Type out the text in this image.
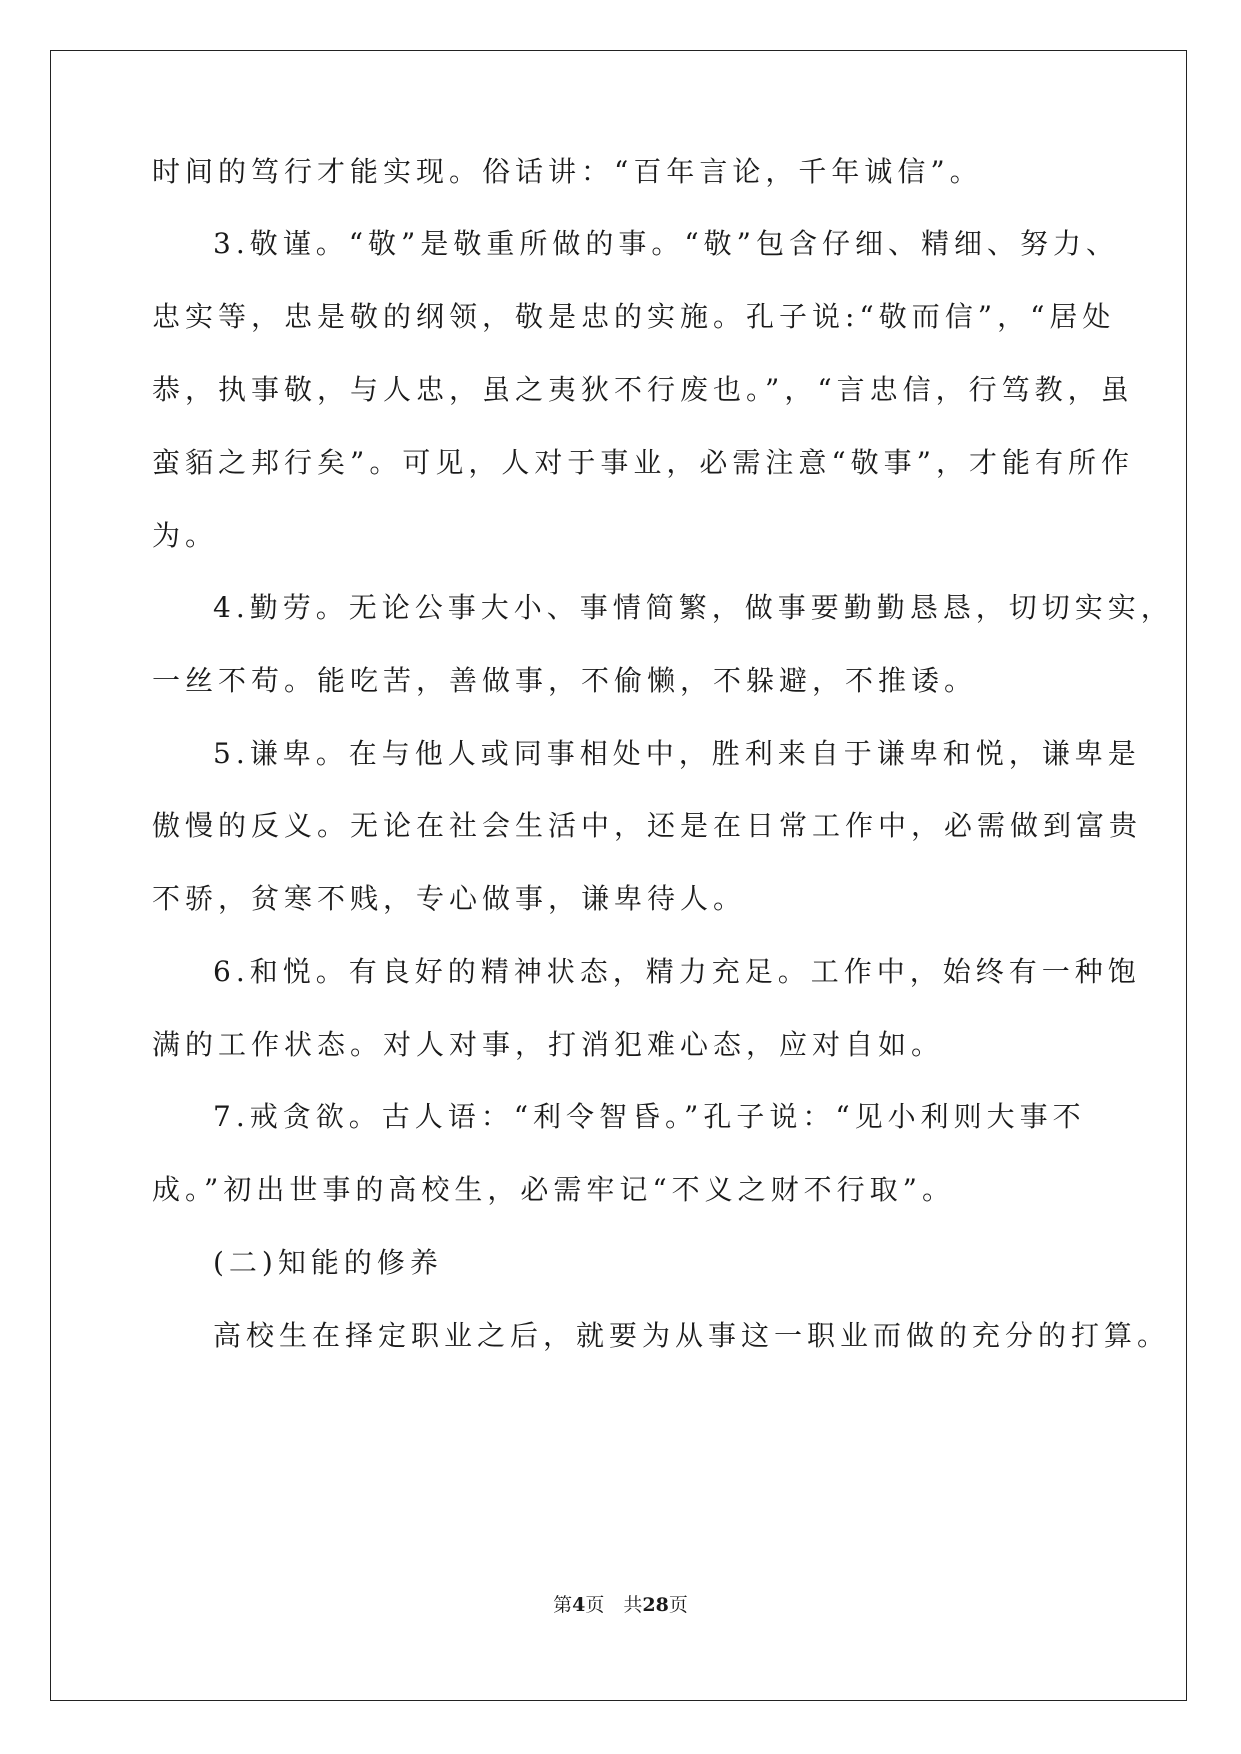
时间的笃行才能实现。俗话讲：“百年言论，千年诚信”。

3.敬谨。“敬”是敬重所做的事。“敬”包含仔细、精细、努力、

忠实等，忠是敬的纲领，敬是忠的实施。孔子说:“敬而信”，“居处

恭，执事敬，与人忠，虽之夷狄不行废也。”，“言忠信，行笃教，虽

蛮貊之邦行矣”。可见，人对于事业，必需注意“敬事”，才能有所作

为。

4.勤劳。无论公事大小、事情简繁，做事要勤勤恳恳，切切实实，

一丝不苟。能吃苦，善做事，不偷懒，不躲避，不推诿。

5.谦卑。在与他人或同事相处中，胜利来自于谦卑和悦，谦卑是

傲慢的反义。无论在社会生活中，还是在日常工作中，必需做到富贵

不骄，贫寒不贱，专心做事，谦卑待人。

6.和悦。有良好的精神状态，精力充足。工作中，始终有一种饱

满的工作状态。对人对事，打消犯难心态，应对自如。

7.戒贪欲。古人语：“利令智昏。”孔子说：“见小利则大事不

成。”初出世事的高校生，必需牢记“不义之财不行取”。

(二)知能的修养

高校生在择定职业之后，就要为从事这一职业而做的充分的打算。

第4页　共28页
